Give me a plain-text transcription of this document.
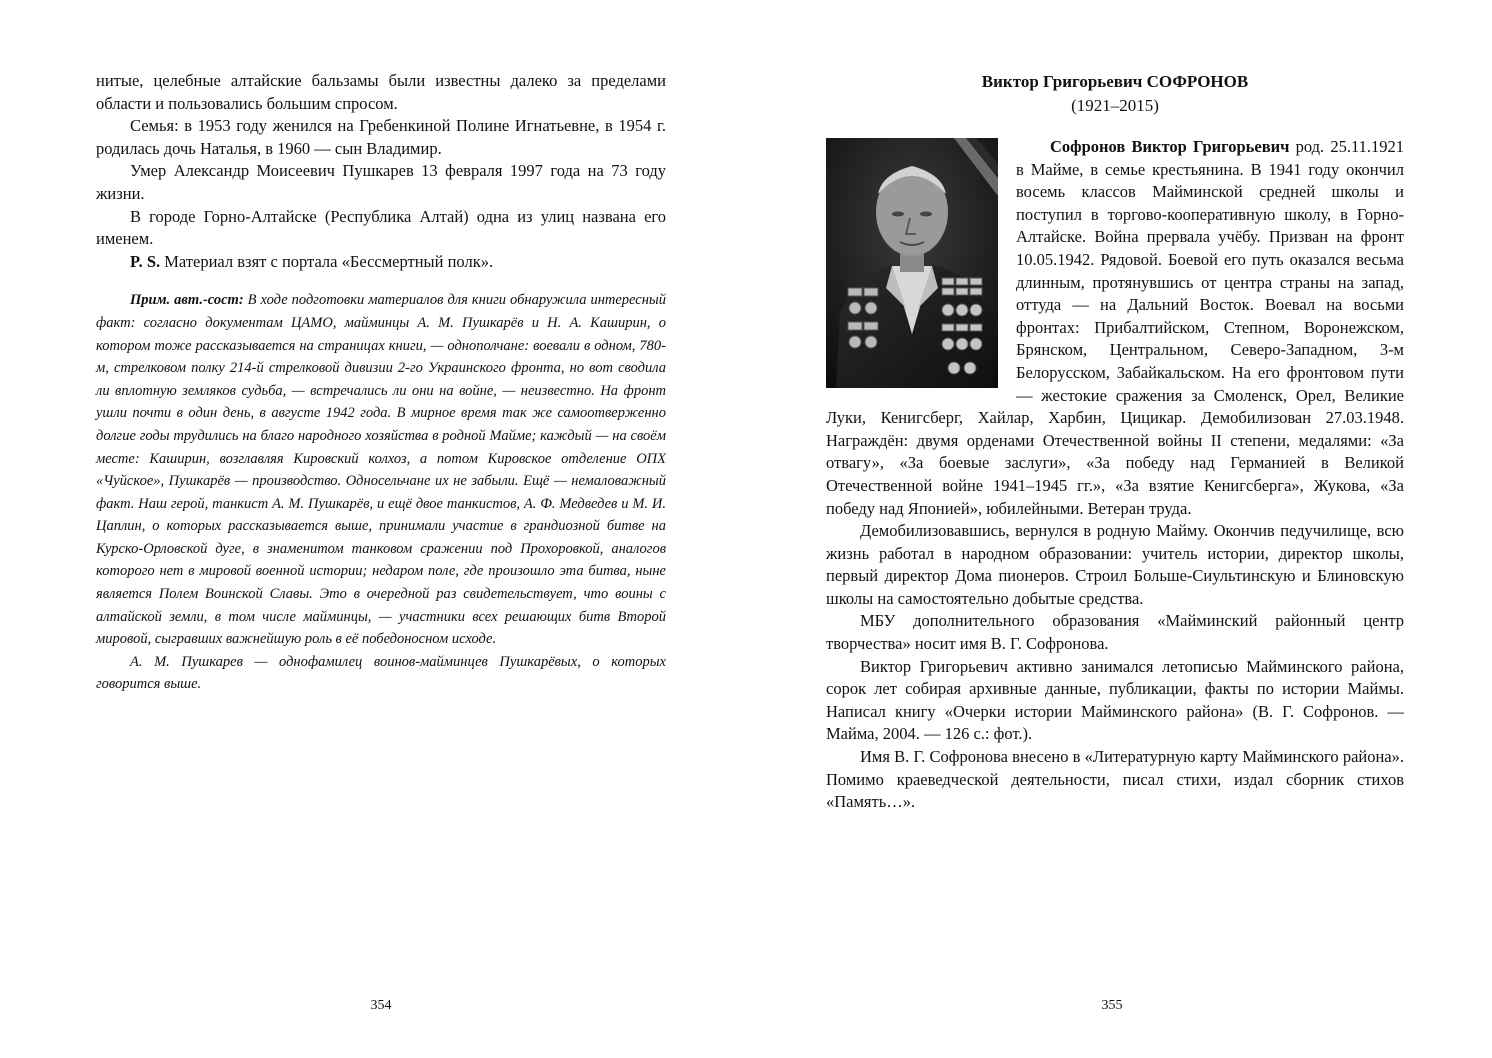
нитые, целебные алтайские бальзамы были известны далеко за пределами области и пользовались большим спросом.

Семья: в 1953 году женился на Гребенкиной Полине Игнатьевне, в 1954 г. родилась дочь Наталья, в 1960 — сын Владимир.

Умер Александр Моисеевич Пушкарев 13 февраля 1997 года на 73 году жизни.

В городе Горно-Алтайске (Республика Алтай) одна из улиц названа его именем.

P. S. Материал взят с портала «Бессмертный полк».

Прим. авт.-сост: В ходе подготовки материалов для книги обнаружила интересный факт: согласно документам ЦАМО, майминцы А. М. Пушкарёв и Н. А. Каширин, о котором тоже рассказывается на страницах книги, — однополчане: воевали в одном, 780-м, стрелковом полку 214-й стрелковой дивизии 2-го Украинского фронта, но вот сводила ли вплотную земляков судьба, — встречались ли они на войне, — неизвестно. На фронт ушли почти в один день, в августе 1942 года. В мирное время так же самоотверженно долгие годы трудились на благо народного хозяйства в родной Майме; каждый — на своём месте: Каширин, возглавляя Кировский колхоз, а потом Кировское отделение ОПХ «Чуйское», Пушкарёв — производство. Односельчане их не забыли. Ещё — немаловажный факт. Наш герой, танкист А. М. Пушкарёв, и ещё двое танкистов, А. Ф. Медведев и М. И. Цаплин, о которых рассказывается выше, принимали участие в грандиозной битве на Курско-Орловской дуге, в знаменитом танковом сражении под Прохоровкой, аналогов которого нет в мировой военной истории; недаром поле, где произошло эта битва, ныне является Полем Воинской Славы. Это в очередной раз свидетельствует, что воины с алтайской земли, в том числе майминцы, — участники всех решающих битв Второй мировой, сыгравших важнейшую роль в её победоносном исходе.

А. М. Пушкарев — однофамилец воинов-майминцев Пушкарёвых, о которых говорится выше.

354

Виктор Григорьевич СОФРОНОВ

(1921–2015)

Софронов Виктор Григорьевич род. 25.11.1921 в Майме, в семье крестьянина. В 1941 году окончил восемь классов Майминской средней школы и поступил в торгово-кооперативную школу, в Горно-Алтайске. Война прервала учёбу. Призван на фронт 10.05.1942. Рядовой. Боевой его путь оказался весьма длинным, протянувшись от центра страны на запад, оттуда — на Дальний Восток. Воевал на восьми фронтах: Прибалтийском, Степном, Воронежском, Брянском, Центральном, Северо-Западном, 3-м Белорусском, Забайкальском. На его фронтовом пути — жестокие сражения за Смоленск, Орел, Великие Луки, Кенигсберг, Хайлар, Харбин, Цицикар. Демобилизован 27.03.1948. Награждён: двумя орденами Отечественной войны II степени, медалями: «За отвагу», «За боевые заслуги», «За победу над Германией в Великой Отечественной войне 1941–1945 гг.», «За взятие Кенигсберга», Жукова, «За победу над Японией», юбилейными. Ветеран труда.

Демобилизовавшись, вернулся в родную Майму. Окончив педучилище, всю жизнь работал в народном образовании: учитель истории, директор школы, первый директор Дома пионеров. Строил Больше-Сиультинскую и Блиновскую школы на самостоятельно добытые средства.

МБУ дополнительного образования «Майминский районный центр творчества» носит имя В. Г. Софронова.

Виктор Григорьевич активно занимался летописью Майминского района, сорок лет собирая архивные данные, публикации, факты по истории Маймы. Написал книгу «Очерки истории Майминского района» (В. Г. Софронов. — Майма, 2004. — 126 с.: фот.).

Имя В. Г. Софронова внесено в «Литературную карту Майминского района». Помимо краеведческой деятельности, писал стихи, издал сборник стихов «Память…».

355
